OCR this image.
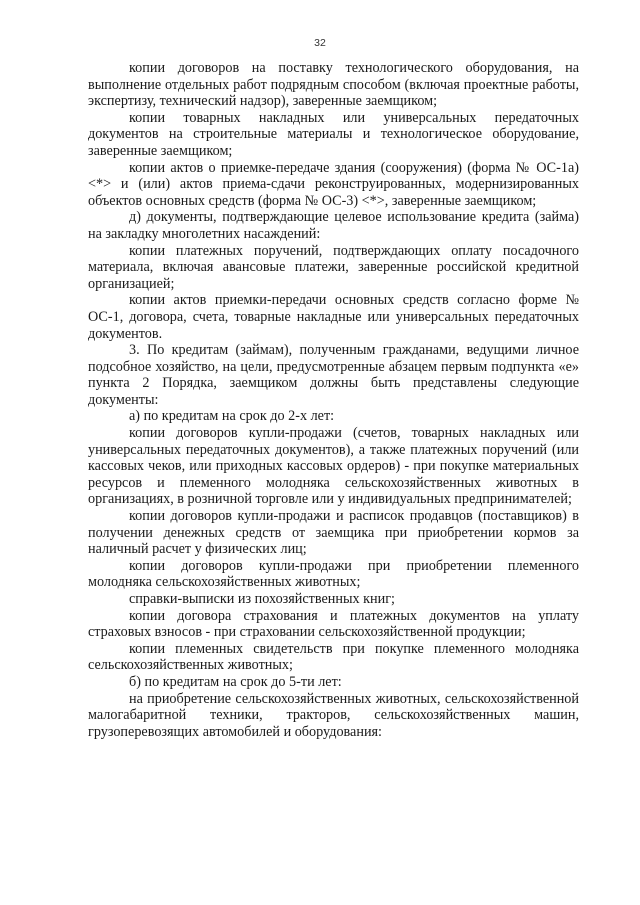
32

копии договоров на поставку технологического оборудования, на выполнение отдельных работ подрядным способом (включая проектные работы, экспертизу, технический надзор), заверенные заемщиком;

копии товарных накладных или универсальных передаточных документов на строительные материалы и технологическое оборудование, заверенные заемщиком;

копии актов о приемке-передаче здания (сооружения) (форма № ОС-1а) <*> и (или) актов приема-сдачи реконструированных, модернизированных объектов основных средств (форма № ОС-3) <*>, заверенные заемщиком;

д) документы, подтверждающие целевое использование кредита (займа) на закладку многолетних насаждений:

копии платежных поручений, подтверждающих оплату посадочного материала, включая авансовые платежи, заверенные российской кредитной организацией;

копии актов приемки-передачи основных средств согласно форме № ОС-1, договора, счета, товарные накладные или универсальных передаточных документов.

3. По кредитам (займам), полученным гражданами, ведущими личное подсобное хозяйство, на цели, предусмотренные абзацем первым подпункта «е» пункта 2 Порядка, заемщиком должны быть представлены следующие документы:

а) по кредитам на срок до 2-х лет:

копии договоров купли-продажи (счетов, товарных накладных или универсальных передаточных документов), а также платежных поручений (или кассовых чеков, или приходных кассовых ордеров) - при покупке материальных ресурсов и племенного молодняка сельскохозяйственных животных в организациях, в розничной торговле или у индивидуальных предпринимателей;

копии договоров купли-продажи и расписок продавцов (поставщиков) в получении денежных средств от заемщика при приобретении кормов за наличный расчет у физических лиц;

копии договоров купли-продажи при приобретении племенного молодняка сельскохозяйственных животных;

справки-выписки из похозяйственных книг;

копии договора страхования и платежных документов на уплату страховых взносов - при страховании сельскохозяйственной продукции;

копии племенных свидетельств при покупке племенного молодняка сельскохозяйственных животных;

б) по кредитам на срок до 5-ти лет:

на приобретение сельскохозяйственных животных, сельскохозяйственной малогабаритной техники, тракторов, сельскохозяйственных машин, грузоперевозящих автомобилей и оборудования:
